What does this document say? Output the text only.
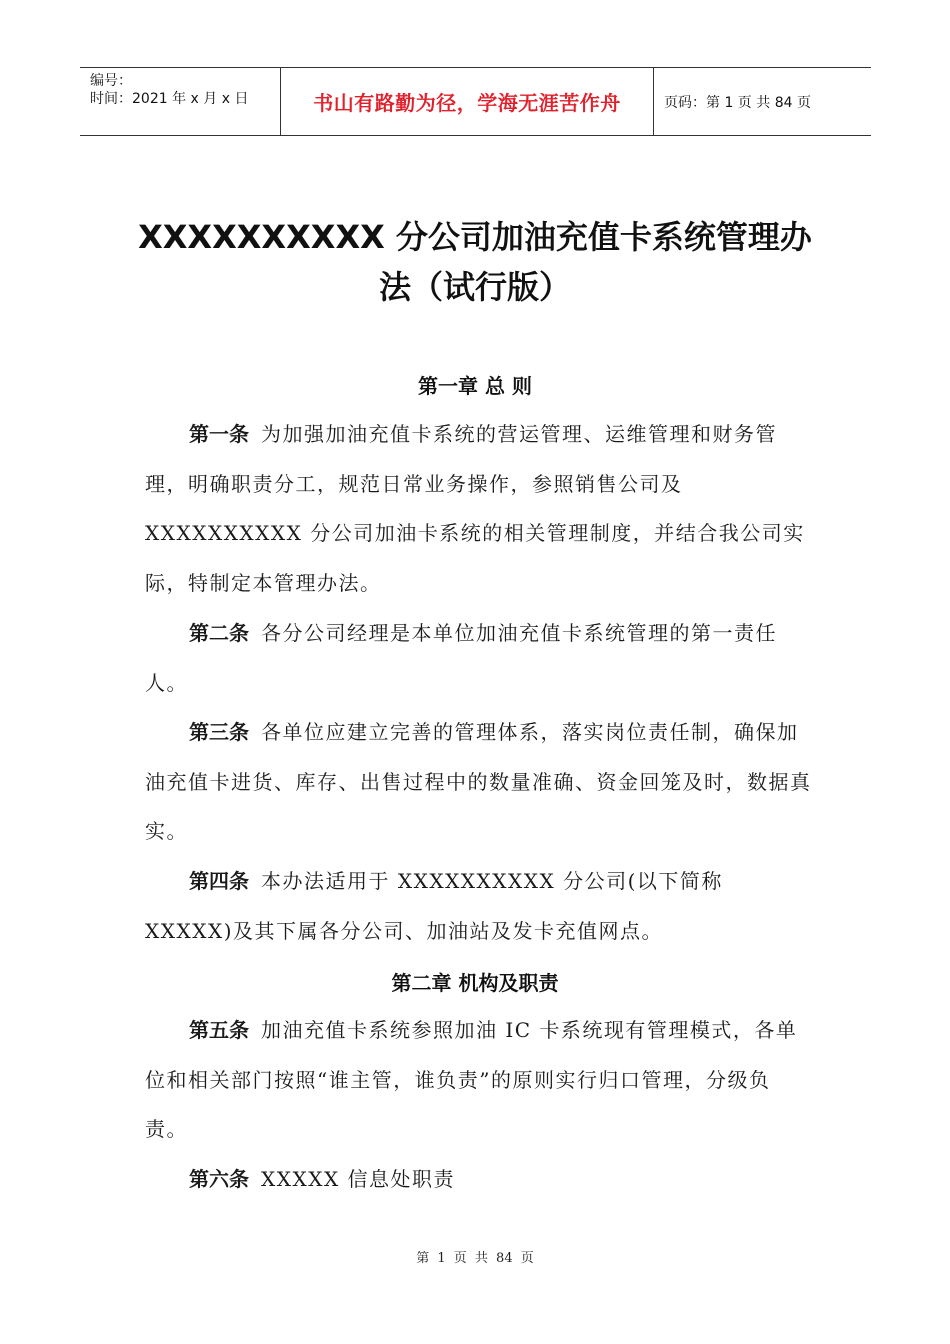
编号：
时间：2021 年 x 月 x 日	书山有路勤为径，学海无涯苦作舟	页码：第 1 页 共 84 页
XXXXXXXXXX 分公司加油充值卡系统管理办
法（试行版）
第一章 总 则
第一条 为加强加油充值卡系统的营运管理、运维管理和财务管理，明确职责分工，规范日常业务操作，参照销售公司及 XXXXXXXXXX 分公司加油卡系统的相关管理制度，并结合我公司实际，特制定本管理办法。
第二条 各分公司经理是本单位加油充值卡系统管理的第一责任人。
第三条 各单位应建立完善的管理体系，落实岗位责任制，确保加油充值卡进货、库存、出售过程中的数量准确、资金回笼及时，数据真实。
第四条 本办法适用于 XXXXXXXXXX 分公司(以下简称 XXXXX)及其下属各分公司、加油站及发卡充值网点。
第二章 机构及职责
第五条 加油充值卡系统参照加油 IC 卡系统现有管理模式，各单位和相关部门按照“谁主管，谁负责”的原则实行归口管理，分级负责。
第六条 XXXXX 信息处职责
第 1 页 共 84 页
